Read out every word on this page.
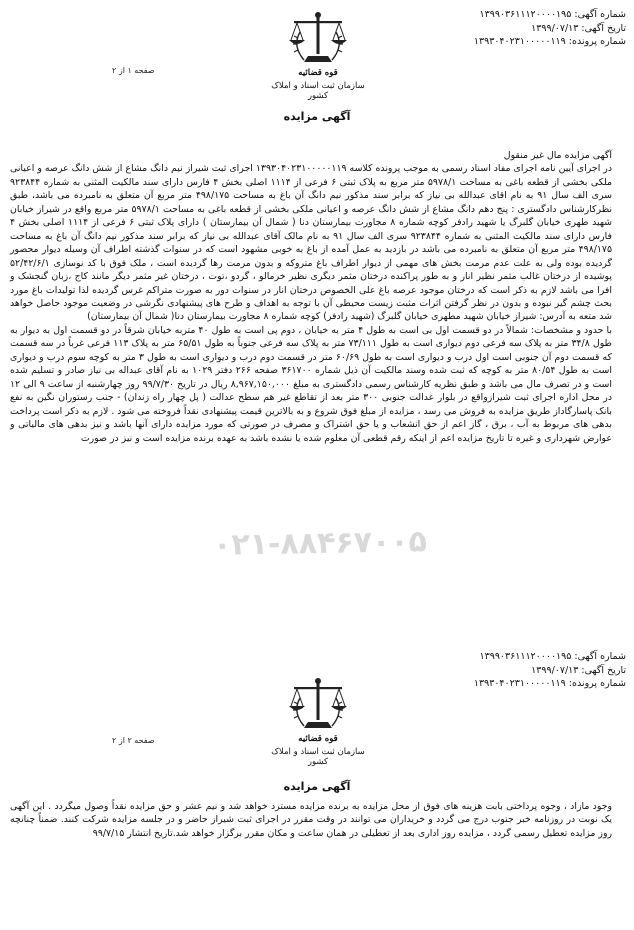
شماره آگهی: ۱۳۹۹۰۳۶۱۱۱۲۰۰۰۰۱۹۵
تاریخ آگهی: ۱۳۹۹/۰۷/۱۳
شماره پرونده: ۱۳۹۳۰۴۰۲۳۱۰۰۰۰۰۱۱۹
صفحه ۱ از ۲	قوه قضائیه
سازمان ثبت اسناد و املاک کشور
آگهی مزایده
آگهی مزایده مال غیر منقول
در اجرای آیین نامه اجرای مفاد اسناد رسمی به موجب پرونده کلاسه ۱۳۹۳۰۴۰۲۳۱۰۰۰۰۰۱۱۹ اجرای ثبت شیراز نیم دانگ مشاع از شش دانگ عرصه و اعیانی ملکی بخشی از قطعه باغی به مساحت ۵۹۷۸/۱ متر مربع به پلاک ثبتی ۶ فرعی از ۱۱۱۴ اصلی بخش ۴ فارس دارای سند مالکیت المثنی به شماره ۹۲۳۸۴۴ سری الف سال ۹۱ به نام اقای عبدالله بی نیاز که برابر سند مذکور نیم دانگ آن باغ به مساحت ۴۹۸/۱۷۵ متر مربع آن متعلق به نامبرده می باشد، طبق نظرکارشناس دادگستری : پنج دهم دانگ مشاع از شش دانگ عرصه و اعیانی ملکی بخشی از قطعه باغی به مساحت ۵۹۷۸/۱ متر مربع واقع در شیراز خیابان شهید طهری خیابان گلبرگ یا شهید رادفر کوچه شماره ۸ مجاورت بیمارستان دنا ( شمال آن بیمارستان ) دارای پلاک ثبتی ۶ فرعی از ۱۱۱۴ اصلی بخش ۴ فارس دارای سند مالکیت المثنی به شماره ۹۲۳۸۴۴ سری الف سال ۹۱ به نام مالک آقای عبدالله بی نیاز که برابر سند مذکور نیم دانگ آن باغ به مساحت ۴۹۸/۱۷۵ متر مربع آن متعلق به نامبرده می باشد در بازدید به عمل آمده از باغ به خوبی مشهود است که در سنوات گذشته اطراف آن وسیله دیوار محصور گردیده بوده ولی به علت عدم مرمت بخش های مهمی از دیوار اطراف باغ متروکه و بدون مرمت رها گردیده است ، ملک فوق با کد نوسازی ۵۲/۴۲/۶/۱ پوشیده از درختان غالب مثمر نظیر انار و به طور پراکنده درختان مثمر دیگری نظیر خرمالو ، گردو ،توت ، درختان غیر مثمر دیگر مانند کاج ،زبان گنجشک و افرا می باشد لازم به ذکر است که درختان موجود عرصه باغ علی الخصوص درختان انار در سنوات دور به صورت متراکم غرس گردیده لذا تولیدات باغ مورد بحث چشم گیر نبوده و بدون در نظر گرفتن اثرات مثبت زیست محیطی آن با توجه به اهداف و طرح های پیشنهادی نگرشی در وضعیت موجود حاصل خواهد شد متعه به آدرس: شیراز خیابان شهید مطهری خیابان گلبرگ (شهید رادفر) کوچه شماره ۸ مجاورت بیمارستان دنا( شمال آن بیمارستان)
با حدود و مشخصات: شمالاً در دو قسمت اول بی است به طول ۴ متر به خیابان ، دوم پی است به طول ۴۰ متربه خیابان شرقاً در دو قسمت اول به دیوار به طول ۳۴/۸ متر به پلاک سه فرعی دوم دیواری است به طول ۷۳/۱۱۱ متر به پلاک سه فرعی جنوباً به طول ۶۵/۵۱ متر به پلاک ۱۱۳ فرعی غرباً در سه قسمت که قسمت دوم آن جنوبی است اول درب و دیواری است به طول ۶۰/۶۹ متر در قسمت دوم درب و دیواری است به طول ۳ متر به کوچه سوم درب و دیواری است به طول ۸۰/۵۴ متر به کوچه که ثبت شده وسند مالکیت آن ذیل شماره ۳۶۱۷۰۰ صفحه ۲۶۶ دفتر ۱۰۲۹ به نام آقای عبداله بی نیاز صادر و تسلیم شده است و در تصرف مال می باشد و طبق نظریه کارشناس رسمی دادگستری به مبلغ ۸,۹۶۷,۱۵۰,۰۰۰ ریال در تاریخ ۹۹/۷/۳۰ روز چهارشنبه از ساعت ۹ الی ۱۲ در محل اداره اجرای ثبت شیرازواقع در بلوار عدالت جنوبی ۳۰۰ متر بعد از تقاطع غیر هم سطح عدالت ( پل چهار راه زندان) - جنب رستوران نگین به نفع بانک پاسارگاداز طریق مزایده به فروش می رسد ، مزایده از مبلغ فوق شروع و به بالاترین قیمت پیشنهادی نقداً فروخته می شود . لازم به ذکر است پرداخت بدهی های مربوط به آب ، برق ، گاز اعم از حق انشعاب و یا حق اشتراک و مصرف در صورتی که مورد مزایده دارای آنها باشد و نیز بدهی های مالیاتی و عوارض شهرداری و غیره تا تاریخ مزایده اعم از اینکه رقم قطعی آن معلوم شده یا نشده باشد به عهده برنده مزایده است و نیز در صورت
۰۲۱-۸۸۴۶۷۰۰۵
شماره آگهی: ۱۳۹۹۰۳۶۱۱۱۲۰۰۰۰۱۹۵
تاریخ آگهی: ۱۳۹۹/۰۷/۱۳
شماره پرونده: ۱۳۹۳۰۴۰۲۳۱۰۰۰۰۰۱۱۹
صفحه ۲ از ۲	قوه قضائیه
سازمان ثبت اسناد و املاک کشور
آگهی مزایده
وجود مازاد ، وجوه پرداختی بابت هزینه های فوق از محل مزایده به برنده مزایده مسترد خواهد شد و نیم عشر و حق مزایده نقداً وصول میگردد . این آگهی یک نوبت در روزنامه خبر جنوب درج می گردد و خریداران می توانند در وقت مقرر در اجرای ثبت شیراز حاضر و در جلسه مزایده شرکت کنند. ضمناً چنانچه روز مزایده تعطیل رسمی گردد ، مزایده روز اداری بعد از تعطیلی در همان ساعت و مکان مقرر برگزار خواهد شد.تاریخ انتشار ۹۹/۷/۱۵
